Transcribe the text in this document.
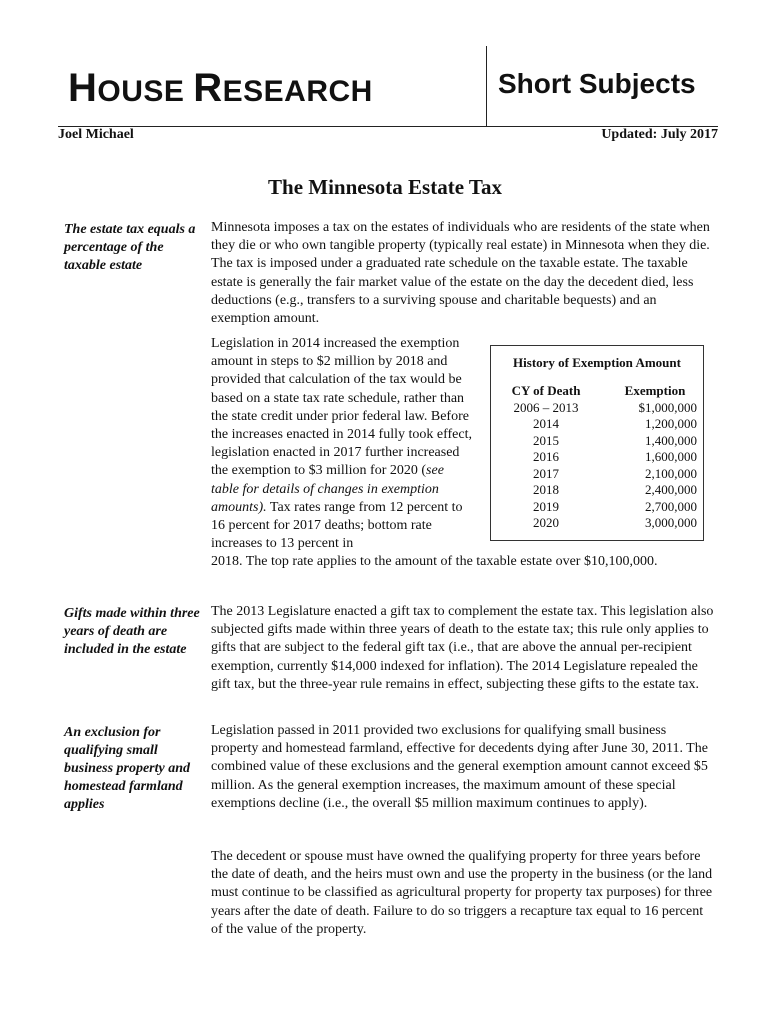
HOUSE RESEARCH	Short Subjects
Joel Michael	Updated: July 2017
The Minnesota Estate Tax
The estate tax equals a percentage of the taxable estate
Minnesota imposes a tax on the estates of individuals who are residents of the state when they die or who own tangible property (typically real estate) in Minnesota when they die. The tax is imposed under a graduated rate schedule on the taxable estate. The taxable estate is generally the fair market value of the estate on the day the decedent died, less deductions (e.g., transfers to a surviving spouse and charitable bequests) and an exemption amount.
Legislation in 2014 increased the exemption amount in steps to $2 million by 2018 and provided that calculation of the tax would be based on a state tax rate schedule, rather than the state credit under prior federal law. Before the increases enacted in 2014 fully took effect, legislation enacted in 2017 further increased the exemption to $3 million for 2020 (see table for details of changes in exemption amounts). Tax rates range from 12 percent to 16 percent for 2017 deaths; bottom rate increases to 13 percent in
2018. The top rate applies to the amount of the taxable estate over $10,100,000.
History of Exemption Amount
CY of Death	Exemption
2006 – 2013	$1,000,000
2014	1,200,000
2015	1,400,000
2016	1,600,000
2017	2,100,000
2018	2,400,000
2019	2,700,000
2020	3,000,000
Gifts made within three years of death are included in the estate
The 2013 Legislature enacted a gift tax to complement the estate tax. This legislation also subjected gifts made within three years of death to the estate tax; this rule only applies to gifts that are subject to the federal gift tax (i.e., that are above the annual per-recipient exemption, currently $14,000 indexed for inflation). The 2014 Legislature repealed the gift tax, but the three-year rule remains in effect, subjecting these gifts to the estate tax.
An exclusion for qualifying small business property and homestead farmland applies
Legislation passed in 2011 provided two exclusions for qualifying small business property and homestead farmland, effective for decedents dying after June 30, 2011. The combined value of these exclusions and the general exemption amount cannot exceed $5 million. As the general exemption increases, the maximum amount of these special exemptions decline (i.e., the overall $5 million maximum continues to apply).
The decedent or spouse must have owned the qualifying property for three years before the date of death, and the heirs must own and use the property in the business (or the land must continue to be classified as agricultural property for property tax purposes) for three years after the date of death. Failure to do so triggers a recapture tax equal to 16 percent of the value of the property.
